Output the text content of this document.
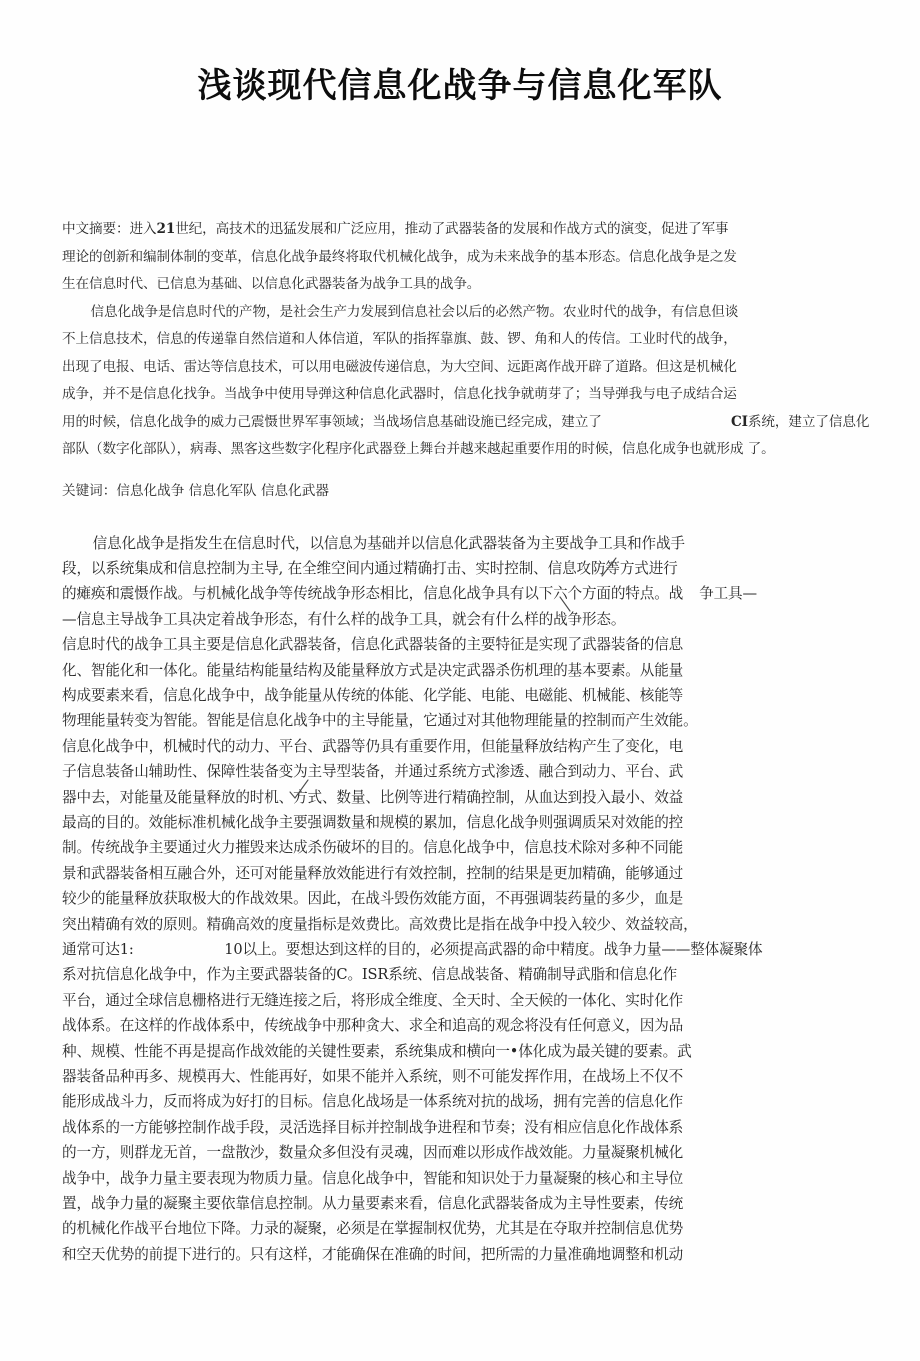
浅谈现代信息化战争与信息化军队
中文摘要：进入21世纪，高技术的迅猛发展和广泛应用，推动了武器装备的发展和作战方式的演变，促进了军事
理论的创新和编制体制的变革，信息化战争最终将取代机械化战争，成为未来战争的基本形态。信息化战争是之发
生在信息时代、已信息为基础、以信息化武器装备为战争工具的战争。
信息化战争是信息时代的产物，是社会生产力发展到信息社会以后的必然产物。农业时代的战争，有信息但谈
不上信息技术，信息的传递靠自然信道和人体信道，军队的指挥靠旗、鼓、锣、角和人的传信。工业时代的战争，
出现了电报、电话、雷达等信息技术，可以用电磁波传递信息，为大空间、远距离作战开辟了道路。但这是机械化
成争，并不是信息化找争。当战争中使用导弹这种信息化武器时，信息化找争就萌芽了；当导弹我与电子成结合运
用的时候，信息化战争的威力己震慑世界军事领域；当战场信息基础设施已经完成，建立了	CI系统，建立了信息化
部队（数字化部队），病毒、黑客这些数字化程序化武器登上舞台并越来越起重要作用的时候，信息化成争也就形成 了。
关键词：信息化战争 信息化军队 信息化武器
信息化战争是指发生在信息时代，以信息为基础并以信息化武器装备为主要战争工具和作战手
段，以系统集成和信息控制为主导, 在全维空间内通过精确打击、实时控制、信息攻防等方式进行
的瘫痪和震慑作战。与机械化战争等传统战争形态相比，信息化战争具有以下六个方面的特点。战 争工具—
—信息主导战争工具决定着战争形态，有什么样的战争工具，就会有什么样的战争形态。
信息时代的战争工具主要是信息化武器装备，信息化武器装备的主要特征是实现了武器装备的信息
化、智能化和一体化。能量结构能量结构及能量释放方式是决定武器杀伤机理的基本要素。从能量
构成要素来看，信息化战争中，战争能量从传统的体能、化学能、电能、电磁能、机械能、核能等
物理能量转变为智能。智能是信息化战争中的主导能量，它通过对其他物理能量的控制而产生效能。
信息化战争中，机械时代的动力、平台、武器等仍具有重要作用，但能量释放结构产生了变化，电
子信息装备山辅助性、保障性装备变为主导型装备，并通过系统方式渗透、融合到动力、平台、武
器中去，对能量及能量释放的时机、方式、数量、比例等进行精确控制，从血达到投入最小、效益
最高的目的。效能标准机械化战争主要强调数量和规模的累加，信息化战争则强调质呆对效能的控
制。传统战争主要通过火力摧毁来达成杀伤破坏的目的。信息化战争中，信息技术除对多种不同能
景和武器装备相互融合外，还可对能量释放效能进行有效控制，控制的结果是更加精确，能够通过
较少的能量释放获取极大的作战效果。因此，在战斗毁伤效能方面，不再强调装药量的多少，血是
突出精确有效的原则。精确高效的度量指标是效费比。高效费比是指在战争中投入较少、效益较高，
通常可达1:	10以上。要想达到这样的目的，必须提高武器的命中精度。战争力量——整体凝聚体
系对抗信息化战争中，作为主要武器装备的C。ISR系统、信息战装备、精确制导武脂和信息化作
平台，通过全球信息栅格进行无缝连接之后，将形成全维度、全天时、全天候的一体化、实时化作
战体系。在这样的作战体系中，传统战争中那种贪大、求全和追高的观念将没有任何意义，因为品
种、规模、性能不再是提高作战效能的关键性要素，系统集成和横向一•体化成为最关键的要素。武
器装备品种再多、规模再大、性能再好，如果不能并入系统，则不可能发挥作用，在战场上不仅不
能形成战斗力，反而将成为好打的目标。信息化战场是一体系统对抗的战场，拥有完善的信息化作
战体系的一方能够控制作战手段，灵活选择目标并控制战争进程和节奏；没有相应信息化作战体系
的一方，则群龙无首，一盘散沙，数量众多但没有灵魂，因而难以形成作战效能。力量凝聚机械化
战争中，战争力量主要表现为物质力量。信息化战争中，智能和知识处于力量凝聚的核心和主导位
置，战争力量的凝聚主要依靠信息控制。从力量要素来看，信息化武器装备成为主导性要素，传统
的机械化作战平台地位下降。力录的凝聚，必须是在掌握制权优势，尤其是在夺取并控制信息优势
和空天优势的前提下进行的。只有这样，才能确保在准确的时间，把所需的力量准确地调整和机动
